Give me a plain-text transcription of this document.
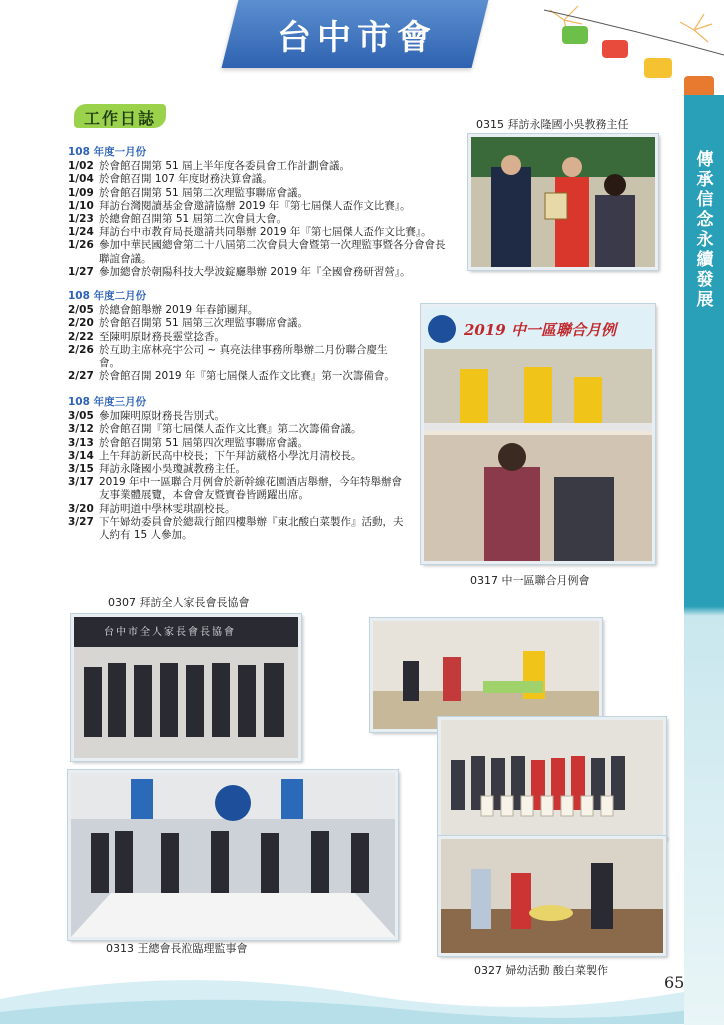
傳承信念 永續發展
台中市會
工作日誌
108 年度一月份
1/02 於會館召開第 51 屆上半年度各委員會工作計劃會議。
1/04 於會館召開 107 年度財務決算會議。
1/09 於會館召開第 51 屆第二次理監事聯席會議。
1/10 拜訪台灣閱讀基金會邀請協辦 2019 年『第七屆傑人盃作文比賽』。
1/23 於總會館召開第 51 屆第二次會員大會。
1/24 拜訪台中市教育局長邀請共同舉辦 2019 年『第七屆傑人盃作文比賽』。
1/26 參加中華民國總會第二十八屆第二次會員大會暨第一次理監事暨各分會會長聯誼會議。
1/27 參加總會於朝陽科技大學波錠廳舉辦 2019 年『全國會務研習營』。
108 年度二月份
2/05 於總會館舉辦 2019 年春節團拜。
2/20 於會館召開第 51 屆第三次理監事聯席會議。
2/22 至陳明原財務長靈堂捻香。
2/26 於互助主席林亮宇公司 ~ 真亮法律事務所舉辦二月份聯合慶生會。
2/27 於會館召開 2019 年『第七屆傑人盃作文比賽』第一次籌備會。
108 年度三月份
3/05 參加陳明原財務長告別式。
3/12 於會館召開『第七屆傑人盃作文比賽』第二次籌備會議。
3/13 於會館召開第 51 屆第四次理監事聯席會議。
3/14 上午拜訪新民高中校長；下午拜訪葳格小學沈月清校長。
3/15 拜訪永隆國小吳瓊誠教務主任。
3/17 2019 年中一區聯合月例會於新幹線花園酒店舉辦，今年特舉辦會友事業體展覽，本會會友暨寶眷皆踴躍出席。
3/20 拜訪明道中學林雯琪副校長。
3/27 下午婦幼委員會於總裁行館四樓舉辦『東北酸白菜製作』活動，夫人約有 15 人參加。
0315 拜訪永隆國小吳教務主任
2019 中一區聯合月例
0317 中一區聯合月例會
0307 拜訪全人家長會長協會
台中市全人家長會長協會
0327 婦幼活動 酸白菜製作
0313 王總會長涖臨理監事會
65
